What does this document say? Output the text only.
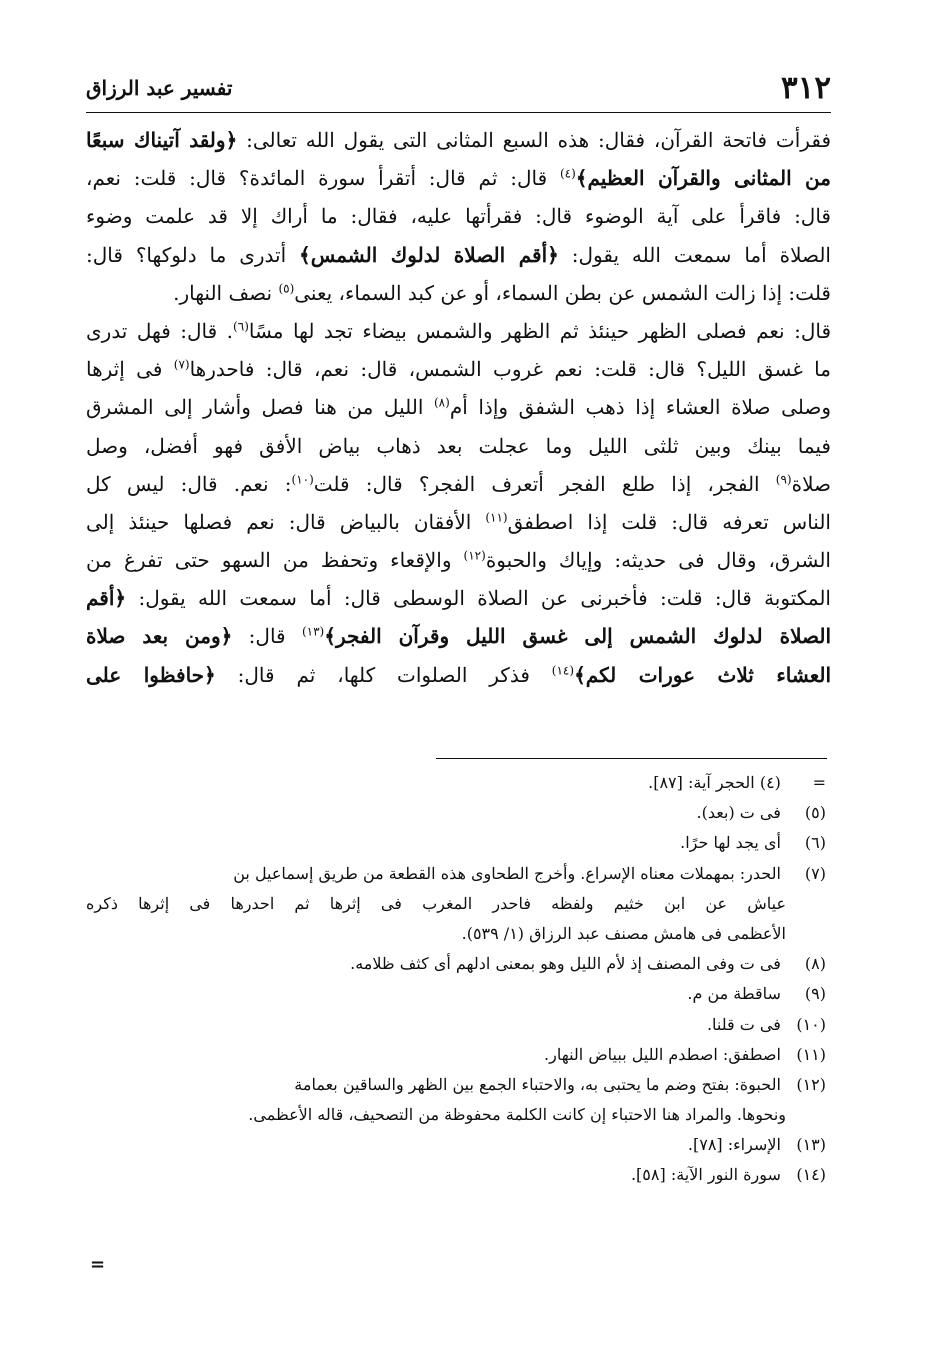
٣١٢
تفسير عبد الرزاق
فقرأت فاتحة القرآن، فقال: هذه السبع المثانى التى يقول الله تعالى: ﴿ولقد آتيناك سبعًا
من المثانى والقرآن العظيم﴾$^{(٤)}$ قال: ثم قال: أتقرأ سورة المائدة؟ قال: قلت: نعم،
قال: فاقرأ على آية الوضوء قال: فقرأتها عليه، فقال: ما أراك إلا قد علمت وضوء
الصلاة أما سمعت الله يقول: ﴿أقم الصلاة لدلوك الشمس﴾ أتدرى ما دلوكها؟ قال:
قلت: إذا زالت الشمس عن بطن السماء، أو عن كبد السماء، يعنى$^{(٥)}$ نصف النهار.
قال: نعم فصلى الظهر حينئذ ثم الظهر والشمس بيضاء تجد لها مسًا$^{(٦)}$. قال: فهل تدرى
ما غسق الليل؟ قال: قلت: نعم غروب الشمس، قال: نعم، قال: فاحدرها$^{(٧)}$ فى إثرها
وصلى صلاة العشاء إذا ذهب الشفق وإذا أم$^{(٨)}$ الليل من هنا فصل وأشار إلى المشرق
فيما بينك وبين ثلثى الليل وما عجلت بعد ذهاب بياض الأفق فهو أفضل، وصل
صلاة$^{(٩)}$ الفجر، إذا طلع الفجر أتعرف الفجر؟ قال: قلت$^{(١٠)}$: نعم. قال: ليس كل
الناس تعرفه قال: قلت إذا اصطفق$^{(١١)}$ الأفقان بالبياض قال: نعم فصلها حينئذ إلى
الشرق، وقال فى حديثه: وإياك والحبوة$^{(١٢)}$ والإقعاء وتحفظ من السهو حتى تفرغ من
المكتوبة قال: قلت: فأخبرنى عن الصلاة الوسطى قال: أما سمعت الله يقول: ﴿أقم
الصلاة لدلوك الشمس إلى غسق الليل وقرآن الفجر﴾$^{(١٣)}$ قال: ﴿ومن بعد صلاة
العشاء ثلاث عورات لكم﴾$^{(١٤)}$ فذكر الصلوات كلها، ثم قال: ﴿حافظوا على
= (٤) الحجر آية: [٨٧].
(٥) فى ت (بعد).
(٦) أى يجد لها حرًا.
(٧) الحدر: بمهملات معناه الإسراع. وأخرج الطحاوى هذه القطعة من طريق إسماعيل بن
عياش عن ابن خثيم ولفظه فاحدر المغرب فى إثرها ثم احدرها فى إثرها ذكره
الأعظمى فى هامش مصنف عبد الرزاق (١/ ٥٣٩).
(٨) فى ت وفى المصنف إذ لأم الليل وهو بمعنى ادلهم أى كثف ظلامه.
(٩) ساقطة من م.
(١٠) فى ت قلنا.
(١١) اصطفق: اصطدم الليل ببياض النهار.
(١٢) الحبوة: بفتح وضم ما يحتبى به، والاحتباء الجمع بين الظهر والساقين بعمامة
ونحوها. والمراد هنا الاحتباء إن كانت الكلمة محفوظة من التصحيف، قاله الأعظمى.
(١٣) الإسراء: [٧٨].
(١٤) سورة النور الآية: [٥٨].
=
